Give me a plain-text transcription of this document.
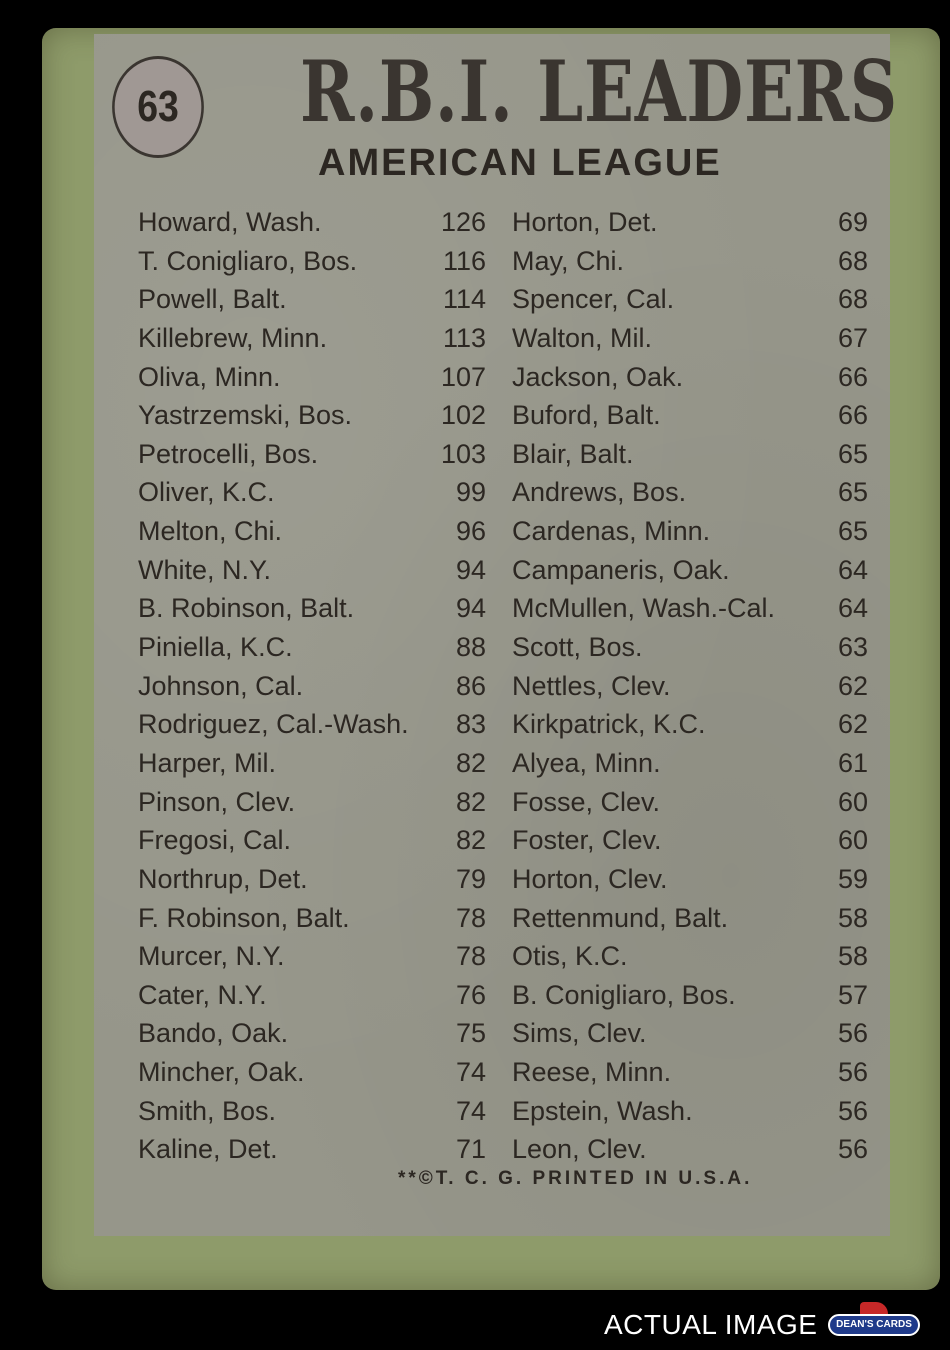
63 R.B.I. LEADERS
AMERICAN LEAGUE
Howard, Wash.	126 Horton, Det.	69
T. Conigliaro, Bos.	116 May, Chi.	68
Powell, Balt.	114 Spencer, Cal.	68
Killebrew, Minn.	113 Walton, Mil.	67
Oliva, Minn.	107 Jackson, Oak.	66
Yastrzemski, Bos.	102 Buford, Balt.	66
Petrocelli, Bos.	103 Blair, Balt.	65
Oliver, K.C.	99 Andrews, Bos.	65
Melton, Chi.	96 Cardenas, Minn.	65
White, N.Y.	94 Campaneris, Oak.	64
B. Robinson, Balt.	94 McMullen, Wash.-Cal.	64
Piniella, K.C.	88 Scott, Bos.	63
Johnson, Cal.	86 Nettles, Clev.	62
Rodriguez, Cal.-Wash.	83 Kirkpatrick, K.C.	62
Harper, Mil.	82 Alyea, Minn.	61
Pinson, Clev.	82 Fosse, Clev.	60
Fregosi, Cal.	82 Foster, Clev.	60
Northrup, Det.	79 Horton, Clev.	59
F. Robinson, Balt.	78 Rettenmund, Balt.	58
Murcer, N.Y.	78 Otis, K.C.	58
Cater, N.Y.	76 B. Conigliaro, Bos.	57
Bando, Oak.	75 Sims, Clev.	56
Mincher, Oak.	74 Reese, Minn.	56
Smith, Bos.	74 Epstein, Wash.	56
Kaline, Det.	71 Leon, Clev.	56
**©T. C. G. PRINTED IN U.S.A.
ACTUAL IMAGE	DEAN'S CARDS
